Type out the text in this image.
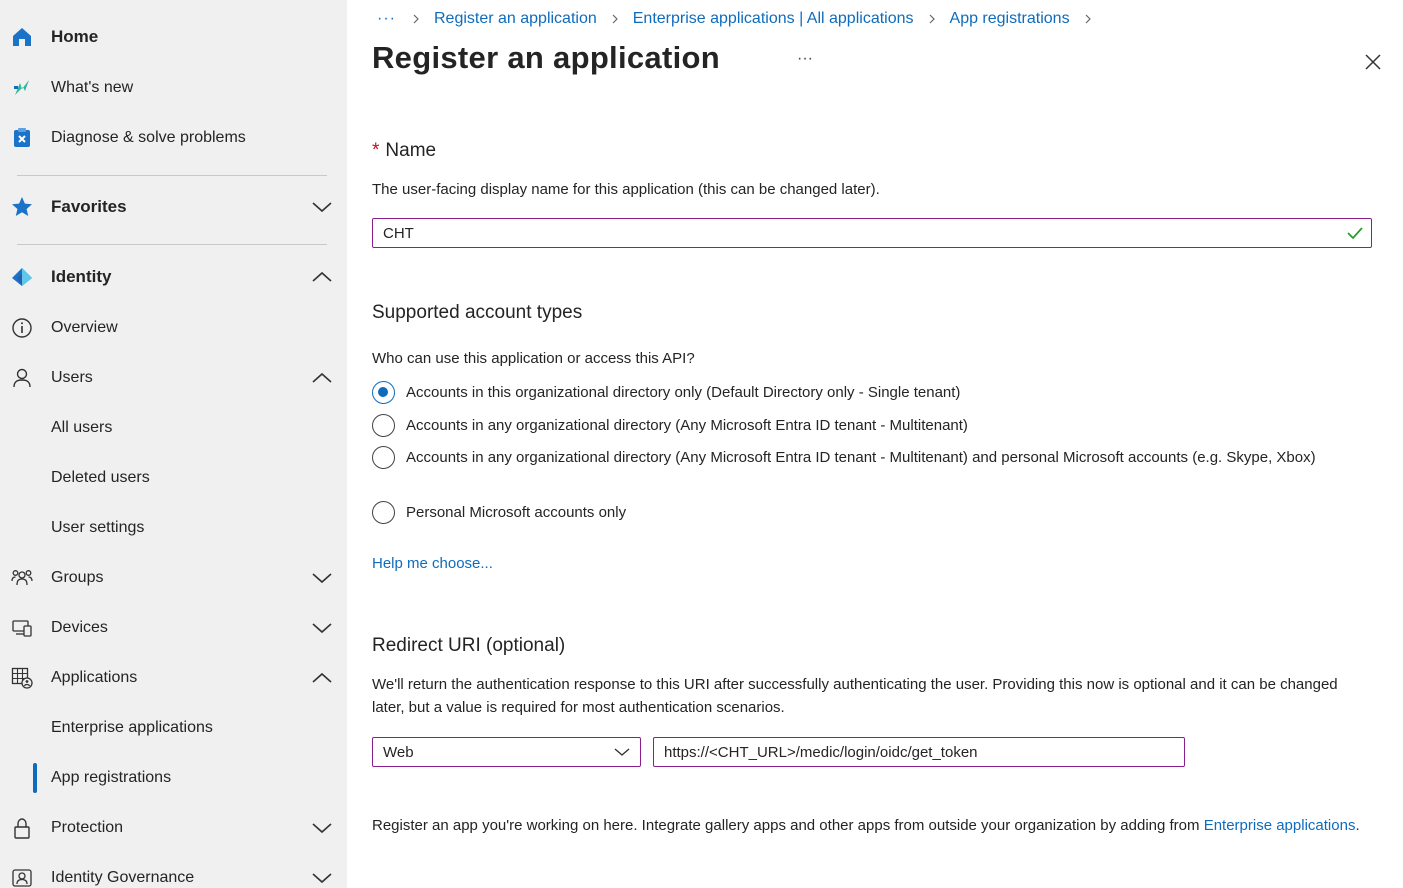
Home
What's new
Diagnose & solve problems
Favorites
Identity
Overview
Users
All users
Deleted users
User settings
Groups
Devices
Applications
Enterprise applications
App registrations
Protection
Identity Governance
··· Register an application Enterprise applications | All applications App registrations
Register an application	···
* Name
The user-facing display name for this application (this can be changed later).
CHT
Supported account types
Who can use this application or access this API?
Accounts in this organizational directory only (Default Directory only - Single tenant)
Accounts in any organizational directory (Any Microsoft Entra ID tenant - Multitenant)
Accounts in any organizational directory (Any Microsoft Entra ID tenant - Multitenant) and personal Microsoft accounts (e.g. Skype, Xbox)
Personal Microsoft accounts only
Help me choose...
Redirect URI (optional)
We'll return the authentication response to this URI after successfully authenticating the user. Providing this now is optional and it can be changed later, but a value is required for most authentication scenarios.
Web
https://<CHT_URL>/medic/login/oidc/get_token
Register an app you're working on here. Integrate gallery apps and other apps from outside your organization by adding from Enterprise applications.
